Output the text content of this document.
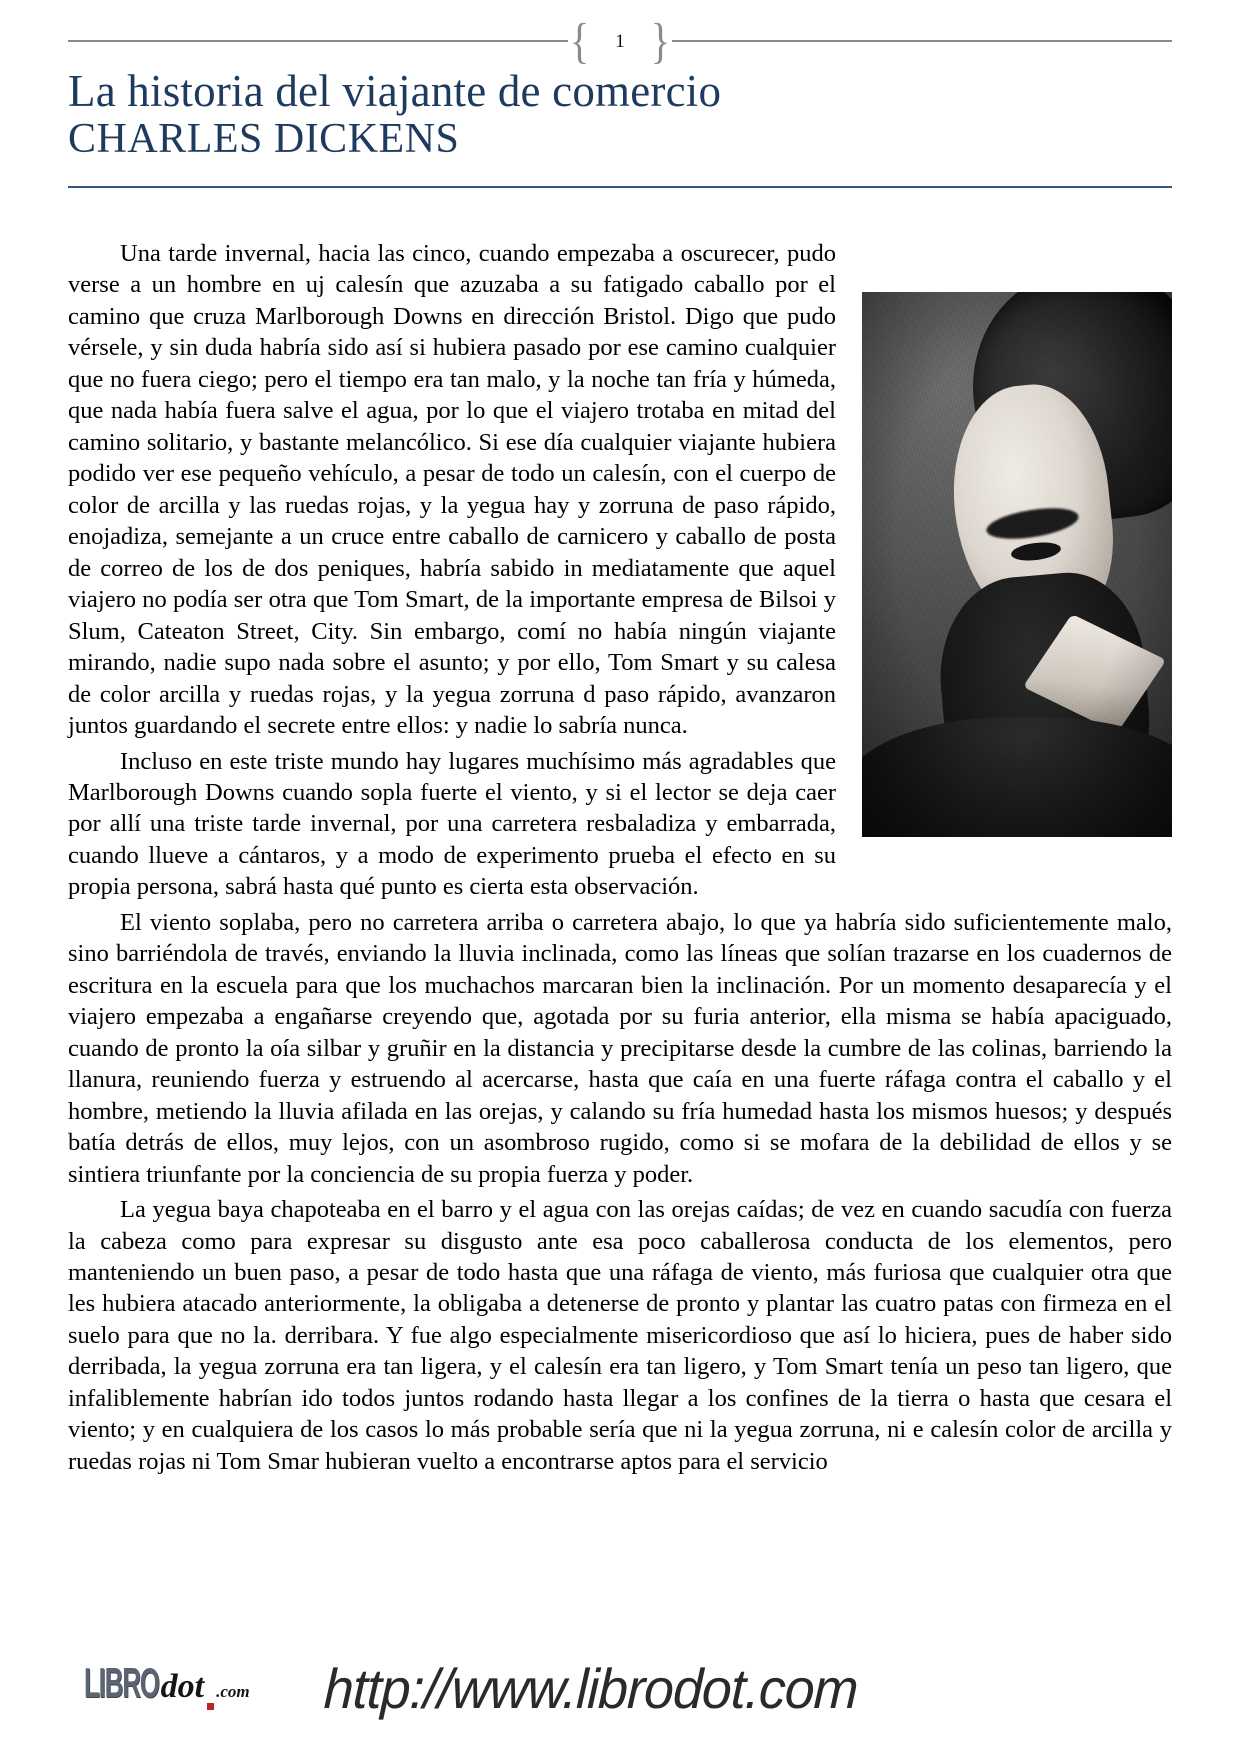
{	1 }
La historia del viajante de comercio
CHARLES DICKENS

Una tarde invernal, hacia las cinco, cuando empezaba a oscurecer, pudo verse a un hombre en uj calesín que azuzaba a su fatigado caballo por el camino que cruza Marlborough Downs en dirección Bristol. Digo que pudo vérsele, y sin duda habría sido así si hubiera pasado por ese camino cualquier que no fuera ciego; pero el tiempo era tan malo, y la noche tan fría y húmeda, que nada había fuera salve el agua, por lo que el viajero trotaba en mitad del camino solitario, y bastante melancólico. Si ese día cualquier viajante hubiera podido ver ese pequeño vehículo, a pesar de todo un calesín, con el cuerpo de color de arcilla y las ruedas rojas, y la yegua hay y zorruna de paso rápido, enojadiza, semejante a un cruce entre caballo de carnicero y caballo de posta de correo de los de dos peniques, habría sabido in mediatamente que aquel viajero no podía ser otra que Tom Smart, de la importante empresa de Bilsoi y Slum, Cateaton Street, City. Sin embargo, comí no había ningún viajante mirando, nadie supo nada sobre el asunto; y por ello, Tom Smart y su calesa de color arcilla y ruedas rojas, y la yegua zorruna d paso rápido, avanzaron juntos guardando el secrete entre ellos: y nadie lo sabría nunca.

Incluso en este triste mundo hay lugares muchísimo más agradables que Marlborough Downs cuando sopla fuerte el viento, y si el lector se deja caer por allí una triste tarde invernal, por una carretera resbaladiza y embarrada, cuando llueve a cántaros, y a modo de experimento prueba el efecto en su propia persona, sabrá hasta qué punto es cierta esta observación.

El viento soplaba, pero no carretera arriba o carretera abajo, lo que ya habría sido suficientemente malo, sino barriéndola de través, enviando la lluvia inclinada, como las líneas que solían trazarse en los cuadernos de escritura en la escuela para que los muchachos marcaran bien la inclinación. Por un momento desaparecía y el viajero empezaba a engañarse creyendo que, agotada por su furia anterior, ella misma se había apaciguado, cuando de pronto la oía silbar y gruñir en la distancia y precipitarse desde la cumbre de las colinas, barriendo la llanura, reuniendo fuerza y estruendo al acercarse, hasta que caía en una fuerte ráfaga contra el caballo y el hombre, metiendo la lluvia afilada en las orejas, y calando su fría humedad hasta los mismos huesos; y después batía detrás de ellos, muy lejos, con un asombroso rugido, como si se mofara de la debilidad de ellos y se sintiera triunfante por la conciencia de su propia fuerza y poder.

La yegua baya chapoteaba en el barro y el agua con las orejas caídas; de vez en cuando sacudía con fuerza la cabeza como para expresar su disgusto ante esa poco caballerosa conducta de los elementos, pero manteniendo un buen paso, a pesar de todo hasta que una ráfaga de viento, más furiosa que cualquier otra que les hubiera atacado anteriormente, la obligaba a detenerse de pronto y plantar las cuatro patas con firmeza en el suelo para que no la. derribara. Y fue algo especialmente misericordioso que así lo hiciera, pues de haber sido derribada, la yegua zorruna era tan ligera, y el calesín era tan ligero, y Tom Smart tenía un peso tan ligero, que infaliblemente habrían ido todos juntos rodando hasta llegar a los confines de la tierra o hasta que cesara el viento; y en cualquiera de los casos lo más probable sería que ni la yegua zorruna, ni e calesín color de arcilla y ruedas rojas ni Tom Smar hubieran vuelto a encontrarse aptos para el servicio

LIBRO dot .com http://www.librodot.com
